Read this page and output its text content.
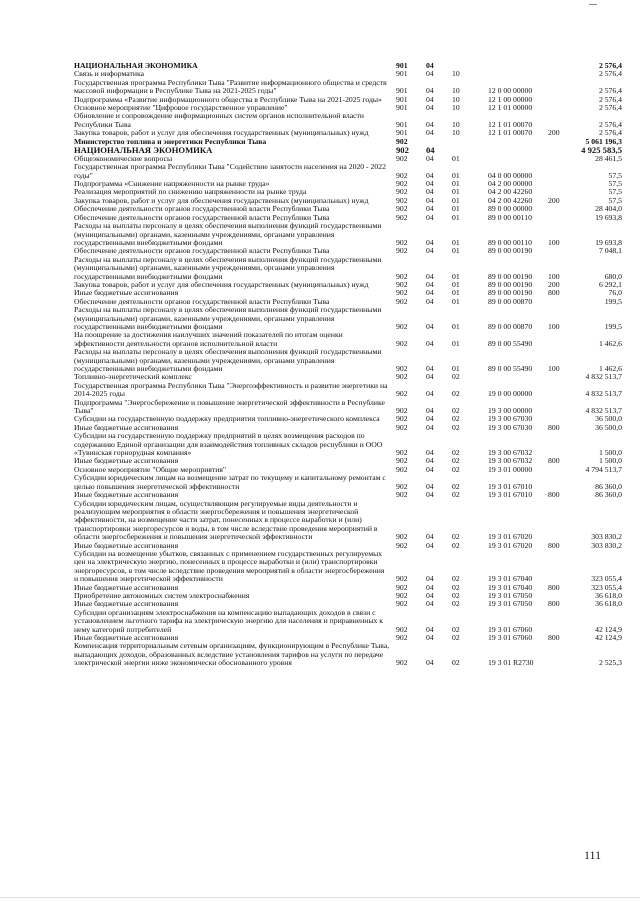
НАЦИОНАЛЬНАЯ ЭКОНОМИКА	901	04				2 576,4
Связь и информатика	901	04	10			2 576,4
Государственная программа Республики Тыва "Развитие информационного общества и средств массовой информации в Республике Тыва на 2021-2025 годы"	901	04	10	12 0 00 00000		2 576,4
Подпрограмма «Развитие информационного общества в Республике Тыва на 2021-2025 годы»	901	04	10	12 1 00 00000		2 576,4
Основное мероприятие "Цифровое государственное управление"	901	04	10	12 1 01 00000		2 576,4
Обновление и сопровождение информационных систем органов исполнительной власти Республики Тыва	901	04	10	12 1 01 00070		2 576,4
Закупка товаров, работ и услуг для обеспечения государственных (муниципальных) нужд	901	04	10	12 1 01 00070	200	2 576,4
Министерство топлива и энергетики Республики Тыва	902					5 061 196,3
НАЦИОНАЛЬНАЯ ЭКОНОМИКА	902	04				4 925 583,5
Общеэкономические вопросы	902	04	01			28 461,5
Государственная программа Республики Тыва "Содействие занятости населения на 2020 - 2022 годы"	902	04	01	04 0 00 00000		57,5
Подпрограмма «Снижение напряженности на рынке труда»	902	04	01	04 2 00 00000		57,5
Реализация мероприятий по снижению напряженности на рынке труда	902	04	01	04 2 00 42260		57,5
Закупка товаров, работ и услуг для обеспечения государственных (муниципальных) нужд	902	04	01	04 2 00 42260	200	57,5
Обеспечение деятельности органов государственной власти Республики Тыва	902	04	01	89 0 00 00000		28 404,0
Обеспечение деятельности органов государственной власти Республики Тыва	902	04	01	89 0 00 00110		19 693,8
Расходы на выплаты персоналу в целях обеспечения выполнения функций государственными (муниципальными) органами, казенными учреждениями, органами управления государственными внебюджетными фондами	902	04	01	89 0 00 00110	100	19 693,8
Обеспечение деятельности органов государственной власти Республики Тыва	902	04	01	89 0 00 00190		7 048,1
Расходы на выплаты персоналу в целях обеспечения выполнения функций государственными (муниципальными) органами, казенными учреждениями, органами управления государственными внебюджетными фондами	902	04	01	89 0 00 00190	100	680,0
Закупка товаров, работ и услуг для обеспечения государственных (муниципальных) нужд	902	04	01	89 0 00 00190	200	6 292,1
Иные бюджетные ассигнования	902	04	01	89 0 00 00190	800	76,0
Обеспечение деятельности органов государственной власти Республики Тыва	902	04	01	89 0 00 00870		199,5
Расходы на выплаты персоналу в целях обеспечения выполнения функций государственными (муниципальными) органами, казенными учреждениями, органами управления государственными внебюджетными фондами	902	04	01	89 0 00 00870	100	199,5
На поощрение за достижения наилучших значений показателей по итогам оценки эффективности деятельности органов исполнительной власти	902	04	01	89 0 00 55490		1 462,6
Расходы на выплаты персоналу в целях обеспечения выполнения функций государственными (муниципальными) органами, казенными учреждениями, органами управления государственными внебюджетными фондами	902	04	01	89 0 00 55490	100	1 462,6
Топливно-энергетический комплекс	902	04	02			4 832 513,7
Государственная программа Республики Тыва "Энергоэффективность и развитие энергетики на 2014-2025 годы	902	04	02	19 0 00 00000		4 832 513,7
Подпрограмма "Энергосбережение и повышение энергетической эффективности в Республике Тыва"	902	04	02	19 3 00 00000		4 832 513,7
Субсидии на государственную поддержку предприятия топливно-энергетического комплекса	902	04	02	19 3 00 67030		36 500,0
Иные бюджетные ассигнования	902	04	02	19 3 00 67030	800	36 500,0
Субсидии на государственную поддержку предприятий в целях возмещения расходов по содержанию Единой организации для взаимодействия топливных складов республики и ООО «Тувинская горнорудная компания»	902	04	02	19 3 00 67032		1 500,0
Иные бюджетные ассигнования	902	04	02	19 3 00 67032	800	1 500,0
Основное мероприятие "Общие мероприятия"	902	04	02	19 3 01 00000		4 794 513,7
Субсидии юридическим лицам на возмещение затрат по текущему и капитальному ремонтам с целью повышения энергетической эффективности	902	04	02	19 3 01 67010		86 360,0
Иные бюджетные ассигнования	902	04	02	19 3 01 67010	800	86 360,0
Субсидии юридическим лицам, осуществляющим регулируемые виды деятельности и реализующим мероприятия в области энергосбережения и повышения энергетической эффективности, на возмещение части затрат, понесенных в процессе выработки и (или) транспортировки энергоресурсов и воды, в том числе вследствие проведения мероприятий в области энергосбережения и повышения энергетической эффективности	902	04	02	19 3 01 67020		303 830,2
Иные бюджетные ассигнования	902	04	02	19 3 01 67020	800	303 830,2
Субсидии на возмещение убытков, связанных с применением государственных регулируемых цен на электрическую энергию, понесенных в процессе выработки и (или) транспортировки энергоресурсов, в том числе вследствие проведения мероприятий в области энергосбережения и повышения энергетической эффективности	902	04	02	19 3 01 67040		323 055,4
Иные бюджетные ассигнования	902	04	02	19 3 01 67040	800	323 055,4
Приобретение автономных систем электроснабжения	902	04	02	19 3 01 67050		36 618,0
Иные бюджетные ассигнования	902	04	02	19 3 01 67050	800	36 618,0
Субсидии организациям электроснабжения на компенсацию выпадающих доходов в связи с установлением льготного тарифа на электрическую энергию для населения и приравненных к нему категорий потребителей	902	04	02	19 3 01 67060		42 124,9
Иные бюджетные ассигнования	902	04	02	19 3 01 67060	800	42 124,9
Компенсация территориальным сетевым организациям, функционирующим в Республике Тыва, выпадающих доходов, образованных вследствие установления тарифов на услуги по передаче электрической энергии ниже экономически обоснованного уровня	902	04	02	19 3 01 R2730		2 525,3
111
